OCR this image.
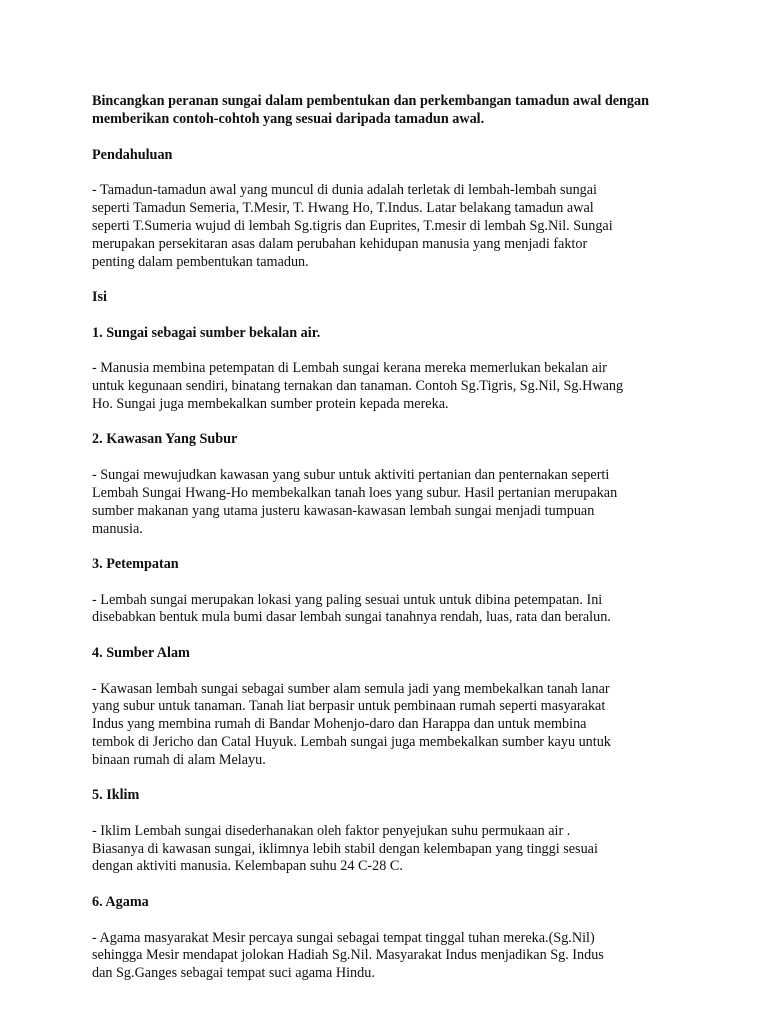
Bincangkan peranan sungai dalam pembentukan dan perkembangan tamadun awal dengan
memberikan contoh-cohtoh yang sesuai daripada tamadun awal.

Pendahuluan

- Tamadun-tamadun awal yang muncul di dunia adalah terletak di lembah-lembah sungai
seperti Tamadun Semeria, T.Mesir, T. Hwang Ho, T.Indus. Latar belakang tamadun awal
seperti T.Sumeria wujud di lembah Sg.tigris dan Euprites, T.mesir di lembah Sg.Nil. Sungai
merupakan persekitaran asas dalam perubahan kehidupan manusia yang menjadi faktor
penting dalam pembentukan tamadun.

Isi

1. Sungai sebagai sumber bekalan air.

- Manusia membina petempatan di Lembah sungai kerana mereka memerlukan bekalan air
untuk kegunaan sendiri, binatang ternakan dan tanaman. Contoh Sg.Tigris, Sg.Nil, Sg.Hwang
Ho. Sungai juga membekalkan sumber protein kepada mereka.

2. Kawasan Yang Subur

- Sungai mewujudkan kawasan yang subur untuk aktiviti pertanian dan penternakan seperti
Lembah Sungai Hwang-Ho membekalkan tanah loes yang subur. Hasil pertanian merupakan
sumber makanan yang utama justeru kawasan-kawasan lembah sungai menjadi tumpuan
manusia.

3. Petempatan

- Lembah sungai merupakan lokasi yang paling sesuai untuk untuk dibina petempatan. Ini
disebabkan bentuk mula bumi dasar lembah sungai tanahnya rendah, luas, rata dan beralun.

4. Sumber Alam

- Kawasan lembah sungai sebagai sumber alam semula jadi yang membekalkan tanah lanar
yang subur untuk tanaman. Tanah liat berpasir untuk pembinaan rumah seperti masyarakat
Indus yang membina rumah di Bandar Mohenjo-daro dan Harappa dan untuk membina
tembok di Jericho dan Catal Huyuk. Lembah sungai juga membekalkan sumber kayu untuk
binaan rumah di alam Melayu.

5. Iklim

- Iklim Lembah sungai disederhanakan oleh faktor penyejukan suhu permukaan air .
Biasanya di kawasan sungai, iklimnya lebih stabil dengan kelembapan yang tinggi sesuai
dengan aktiviti manusia. Kelembapan suhu 24 C-28 C.

6. Agama

- Agama masyarakat Mesir percaya sungai sebagai tempat tinggal tuhan mereka.(Sg.Nil)
sehingga Mesir mendapat jolokan Hadiah Sg.Nil. Masyarakat Indus menjadikan Sg. Indus
dan Sg.Ganges sebagai tempat suci agama Hindu.
